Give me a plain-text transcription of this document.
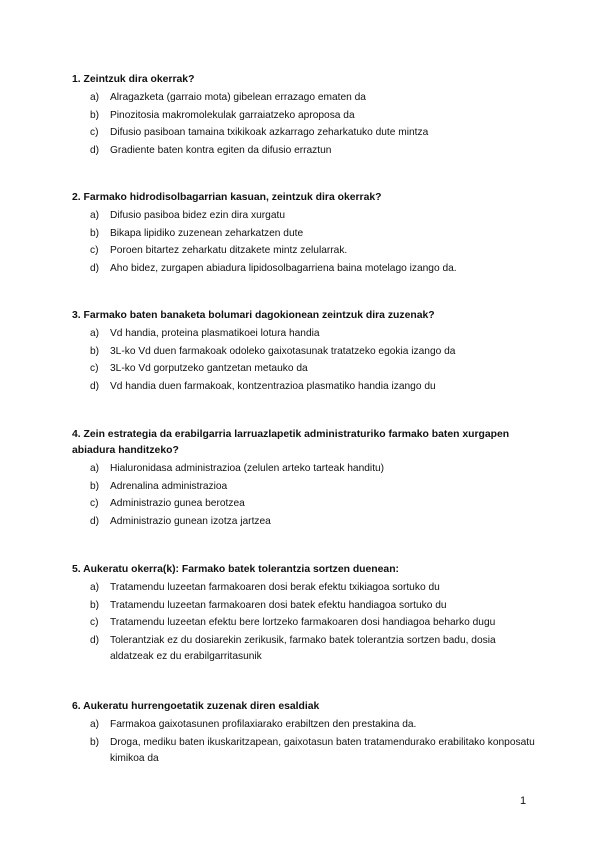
1. Zeintzuk dira okerrak?
a) Alragazketa (garraio mota) gibelean errazago ematen da
b) Pinozitosia makromolekulak garraiatzeko aproposa da
c) Difusio pasiboan tamaina txikikoak azkarrago zeharkatuko dute mintza
d) Gradiente baten kontra egiten da difusio erraztun
2. Farmako hidrodisolbagarrian kasuan, zeintzuk dira okerrak?
a) Difusio pasiboa bidez ezin dira xurgatu
b) Bikapa lipidiko zuzenean zeharkatzen dute
c) Poroen bitartez zeharkatu ditzakete mintz zelularrak.
d) Aho bidez, zurgapen abiadura lipidosolbagarriena baina motelago izango da.
3. Farmako baten banaketa bolumari dagokionean zeintzuk dira zuzenak?
a) Vd handia, proteina plasmatikoei lotura handia
b) 3L-ko Vd duen farmakoak odoleko gaixotasunak tratatzeko egokia izango da
c) 3L-ko Vd gorputzeko gantzetan metauko da
d) Vd handia duen farmakoak, kontzentrazioa plasmatiko handia izango du
4. Zein estrategia da erabilgarria larruazlapetik administraturiko farmako baten xurgapen abiadura handitzeko?
a) Hialuronidasa administrazioa (zelulen arteko tarteak handitu)
b) Adrenalina administrazioa
c) Administrazio gunea berotzea
d) Administrazio gunean izotza jartzea
5. Aukeratu okerra(k): Farmako batek tolerantzia sortzen duenean:
a) Tratamendu luzeetan farmakoaren dosi berak efektu txikiagoa sortuko du
b) Tratamendu luzeetan farmakoaren dosi batek efektu handiagoa sortuko du
c) Tratamendu luzeetan efektu bere lortzeko farmakoaren dosi handiagoa beharko dugu
d) Tolerantziak ez du dosiarekin zerikusik, farmako batek tolerantzia sortzen badu, dosia aldatzeak ez du erabilgarritasunik
6. Aukeratu hurrengoetatik zuzenak diren esaldiak
a) Farmakoa gaixotasunen profilaxiarako erabiltzen den prestakina da.
b) Droga, mediku baten ikuskaritzapean, gaixotasun baten tratamendurako erabilitako konposatu kimikoa da
1
